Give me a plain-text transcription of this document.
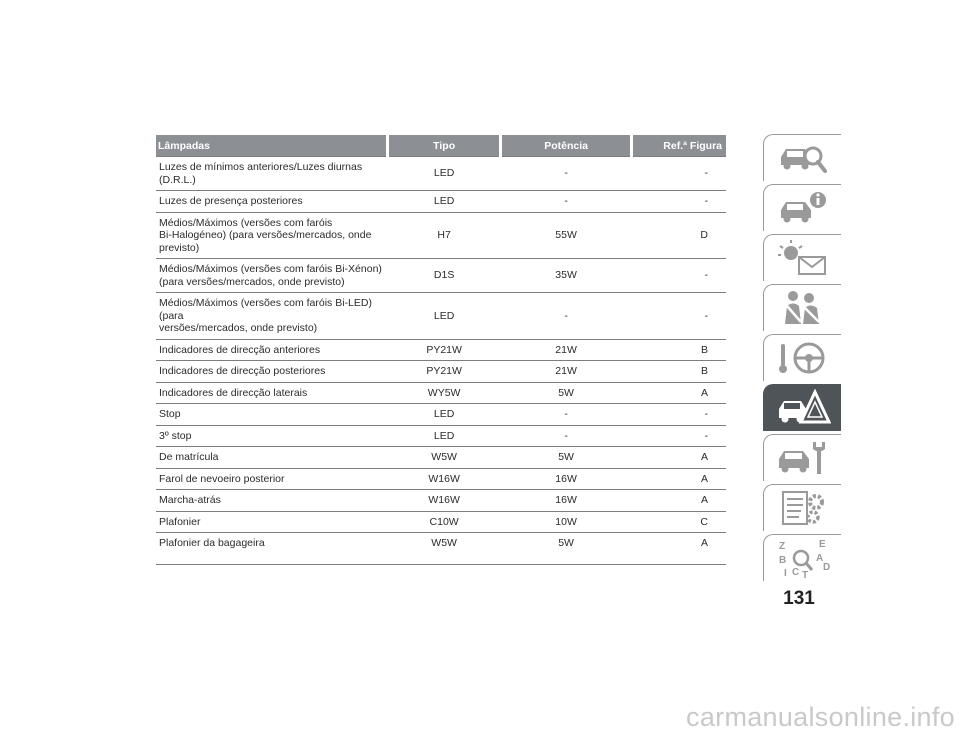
Lâmpadas	Tipo	Potência	Ref.ª Figura
Luzes de mínimos anteriores/Luzes diurnas (D.R.L.)	LED	-	-
Luzes de presença posteriores	LED	-	-
Médios/Máximos (versões com faróis
Bi-Halogéneo) (para versões/mercados, onde
previsto)	H7	55W	D
Médios/Máximos (versões com faróis Bi-Xénon)
(para versões/mercados, onde previsto)	D1S	35W	-
Médios/Máximos (versões com faróis Bi-LED) (para
versões/mercados, onde previsto)	LED	-	-
Indicadores de direcção anteriores	PY21W	21W	B
Indicadores de direcção posteriores	PY21W	21W	B
Indicadores de direcção laterais	WY5W	5W	A
Stop	LED	-	-
3º stop	LED	-	-
De matrícula	W5W	5W	A
Farol de nevoeiro posterior	W16W	16W	A
Marcha-atrás	W16W	16W	A
Plafonier	C10W	10W	C
Plafonier da bagageira	W5W	5W	A	Z	E
B	A
D
I C T
131
carmanualsonline.info
